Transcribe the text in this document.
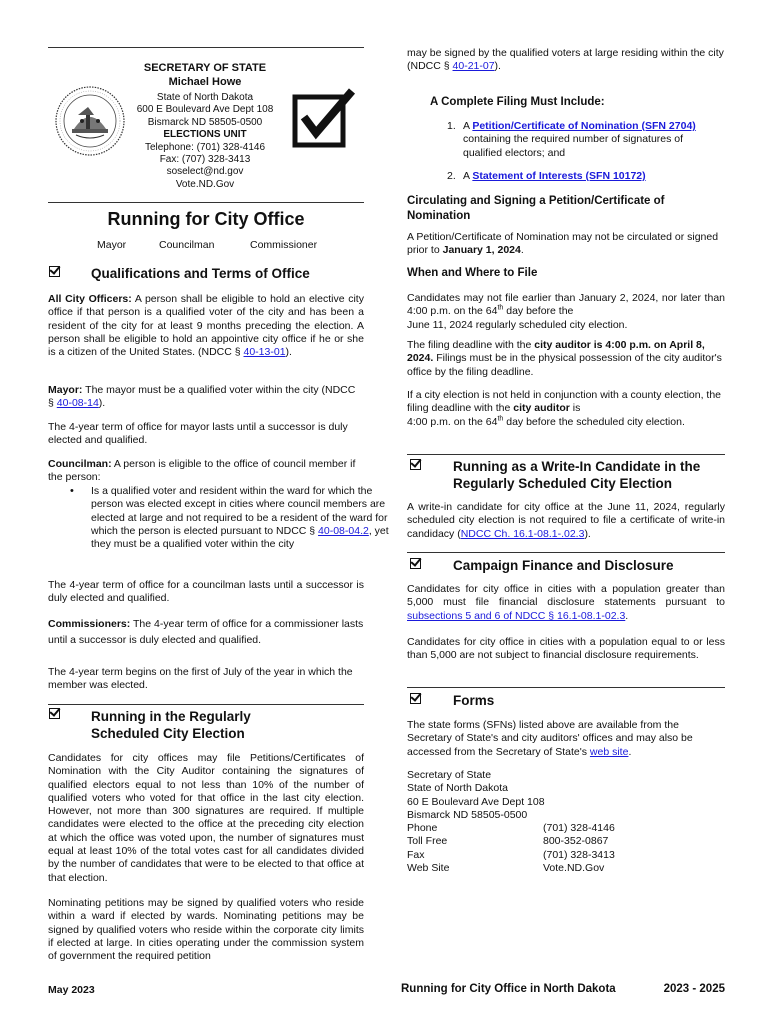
SECRETARY OF STATE
Michael Howe
State of North Dakota
600 E Boulevard Ave Dept 108
Bismarck ND 58505-0500
ELECTIONS UNIT
Telephone: (701) 328-4146
Fax: (707) 328-3413
soselect@nd.gov
Vote.ND.Gov
Running for City Office
Mayor	Councilman	Commissioner
Qualifications and Terms of Office

All City Officers: A person shall be eligible to hold an elective city office if that person is a qualified voter of the city and has been a resident of the city for at least 9 months preceding the election. A person shall be eligible to hold an appointive city office if he or she is a citizen of the United States. (NDCC § 40-13-01).

Mayor: The mayor must be a qualified voter within the city (NDCC § 40-08-14).

The 4-year term of office for mayor lasts until a successor is duly elected and qualified.

Councilman: A person is eligible to the office of council member if the person:

• Is a qualified voter and resident within the ward for which the person was elected except in cities where council members are elected at large and not required to be a resident of the ward for which the person is elected pursuant to NDCC § 40-08-04.2, yet they must be a qualified voter within the city

The 4-year term of office for a councilman lasts until a successor is duly elected and qualified.

Commissioners: The 4-year term of office for a commissioner lasts until a successor is duly elected and qualified.

The 4-year term begins on the first of July of the year in which the member was elected.

Running in the Regularly
Scheduled City Election

Candidates for city offices may file Petitions/Certificates of Nomination with the City Auditor containing the signatures of qualified electors equal to not less than 10% of the number of qualified voters who voted for that office in the last city election. However, not more than 300 signatures are required. If multiple candidates were elected to the office at the preceding city election at which the office was voted upon, the number of signatures must equal at least 10% of the total votes cast for all candidates divided by the number of candidates that were to be elected to that office at that election.

Nominating petitions may be signed by qualified voters who reside within a ward if elected by wards. Nominating petitions may be signed by qualified voters who reside within the corporate city limits if elected at large. In cities operating under the commission system of government the required petition

May 2023

may be signed by the qualified voters at large residing within the city (NDCC § 40-21-07).

A Complete Filing Must Include:
1. A Petition/Certificate of Nomination (SFN 2704) containing the required number of signatures of qualified electors; and
2. A Statement of Interests (SFN 10172)
Circulating and Signing a Petition/Certificate of Nomination

A Petition/Certificate of Nomination may not be circulated or signed prior to January 1, 2024.

When and Where to File

Candidates may not file earlier than January 2, 2024, nor later than 4:00 p.m. on the 64th day before the
June 11, 2024 regularly scheduled city election.

The filing deadline with the city auditor is 4:00 p.m. on April 8, 2024. Filings must be in the physical possession of the city auditor's office by the filing deadline.

If a city election is not held in conjunction with a county election, the filing deadline with the city auditor is
4:00 p.m. on the 64th day before the scheduled city election.

Running as a Write-In Candidate in the
Regularly Scheduled City Election

A write-in candidate for city office at the June 11, 2024, regularly scheduled city election is not required to file a certificate of write-in candidacy (NDCC Ch. 16.1-08.1-.02.3).

Campaign Finance and Disclosure

Candidates for city office in cities with a population greater than 5,000 must file financial disclosure statements pursuant to subsections 5 and 6 of NDCC § 16.1-08.1-02.3.

Candidates for city office in cities with a population equal to or less than 5,000 are not subject to financial disclosure requirements.

Forms

The state forms (SFNs) listed above are available from the Secretary of State's and city auditors' offices and may also be accessed from the Secretary of State's web site.

Secretary of State
State of North Dakota
60 E Boulevard Ave Dept 108
Bismarck ND 58505-0500
Phone	(701) 328-4146
Toll Free	800-352-0867
Fax	(701) 328-3413
Web Site	Vote.ND.Gov
Running for City Office in North Dakota	2023 - 2025
